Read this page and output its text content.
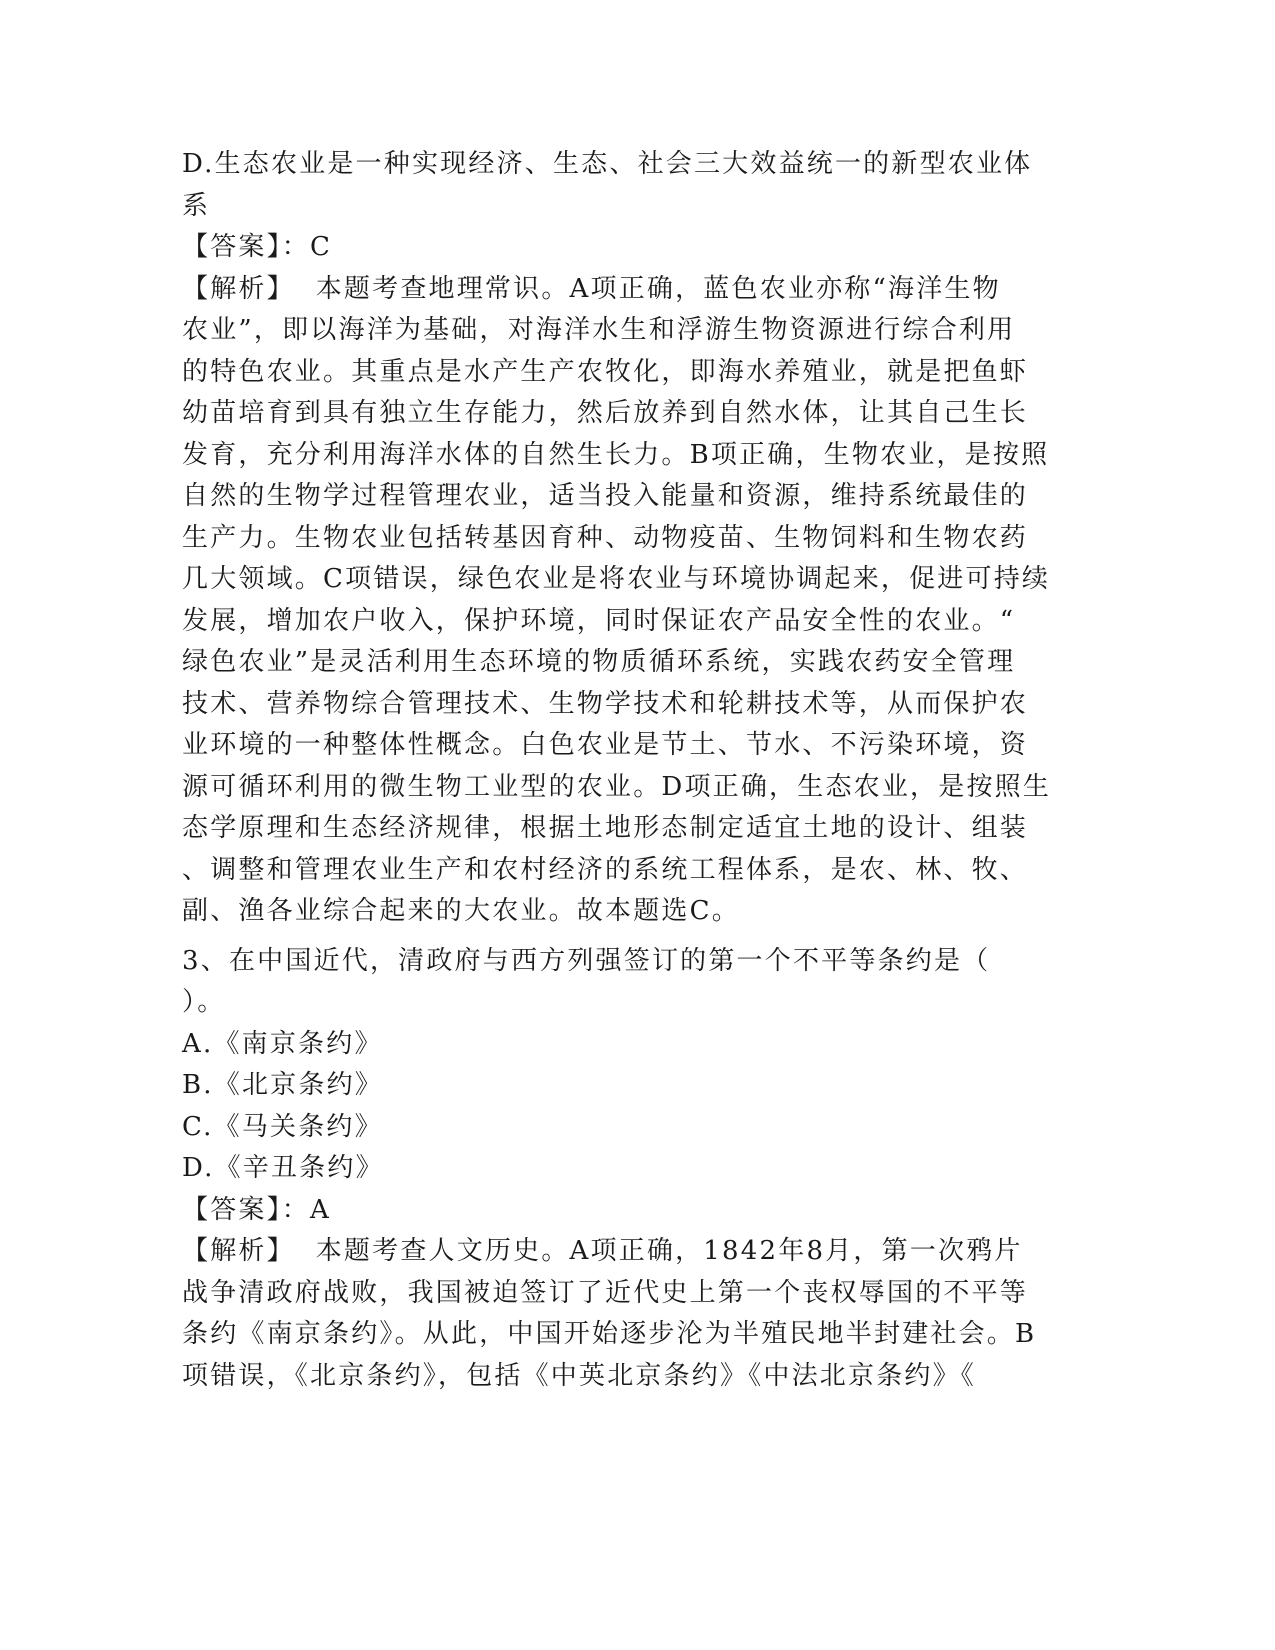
D.生态农业是一种实现经济、生态、社会三大效益统一的新型农业体
系
【答案】：C
【解析】  本题考查地理常识。A项正确，蓝色农业亦称“海洋生物
农业”，即以海洋为基础，对海洋水生和浮游生物资源进行综合利用
的特色农业。其重点是水产生产农牧化，即海水养殖业，就是把鱼虾
幼苗培育到具有独立生存能力，然后放养到自然水体，让其自己生长
发育，充分利用海洋水体的自然生长力。B项正确，生物农业，是按照
自然的生物学过程管理农业，适当投入能量和资源，维持系统最佳的
生产力。生物农业包括转基因育种、动物疫苗、生物饲料和生物农药
几大领域。C项错误，绿色农业是将农业与环境协调起来，促进可持续
发展，增加农户收入，保护环境，同时保证农产品安全性的农业。“
绿色农业”是灵活利用生态环境的物质循环系统，实践农药安全管理
技术、营养物综合管理技术、生物学技术和轮耕技术等，从而保护农
业环境的一种整体性概念。白色农业是节土、节水、不污染环境，资
源可循环利用的微生物工业型的农业。D项正确，生态农业，是按照生
态学原理和生态经济规律，根据土地形态制定适宜土地的设计、组装
、调整和管理农业生产和农村经济的系统工程体系，是农、林、牧、
副、渔各业综合起来的大农业。故本题选C。
3、在中国近代，清政府与西方列强签订的第一个不平等条约是（
）。
A.《南京条约》
B.《北京条约》
C.《马关条约》
D.《辛丑条约》
【答案】：A
【解析】  本题考查人文历史。A项正确，1842年8月，第一次鸦片
战争清政府战败，我国被迫签订了近代史上第一个丧权辱国的不平等
条约《南京条约》。从此，中国开始逐步沦为半殖民地半封建社会。B
项错误，《北京条约》，包括《中英北京条约》《中法北京条约》《
